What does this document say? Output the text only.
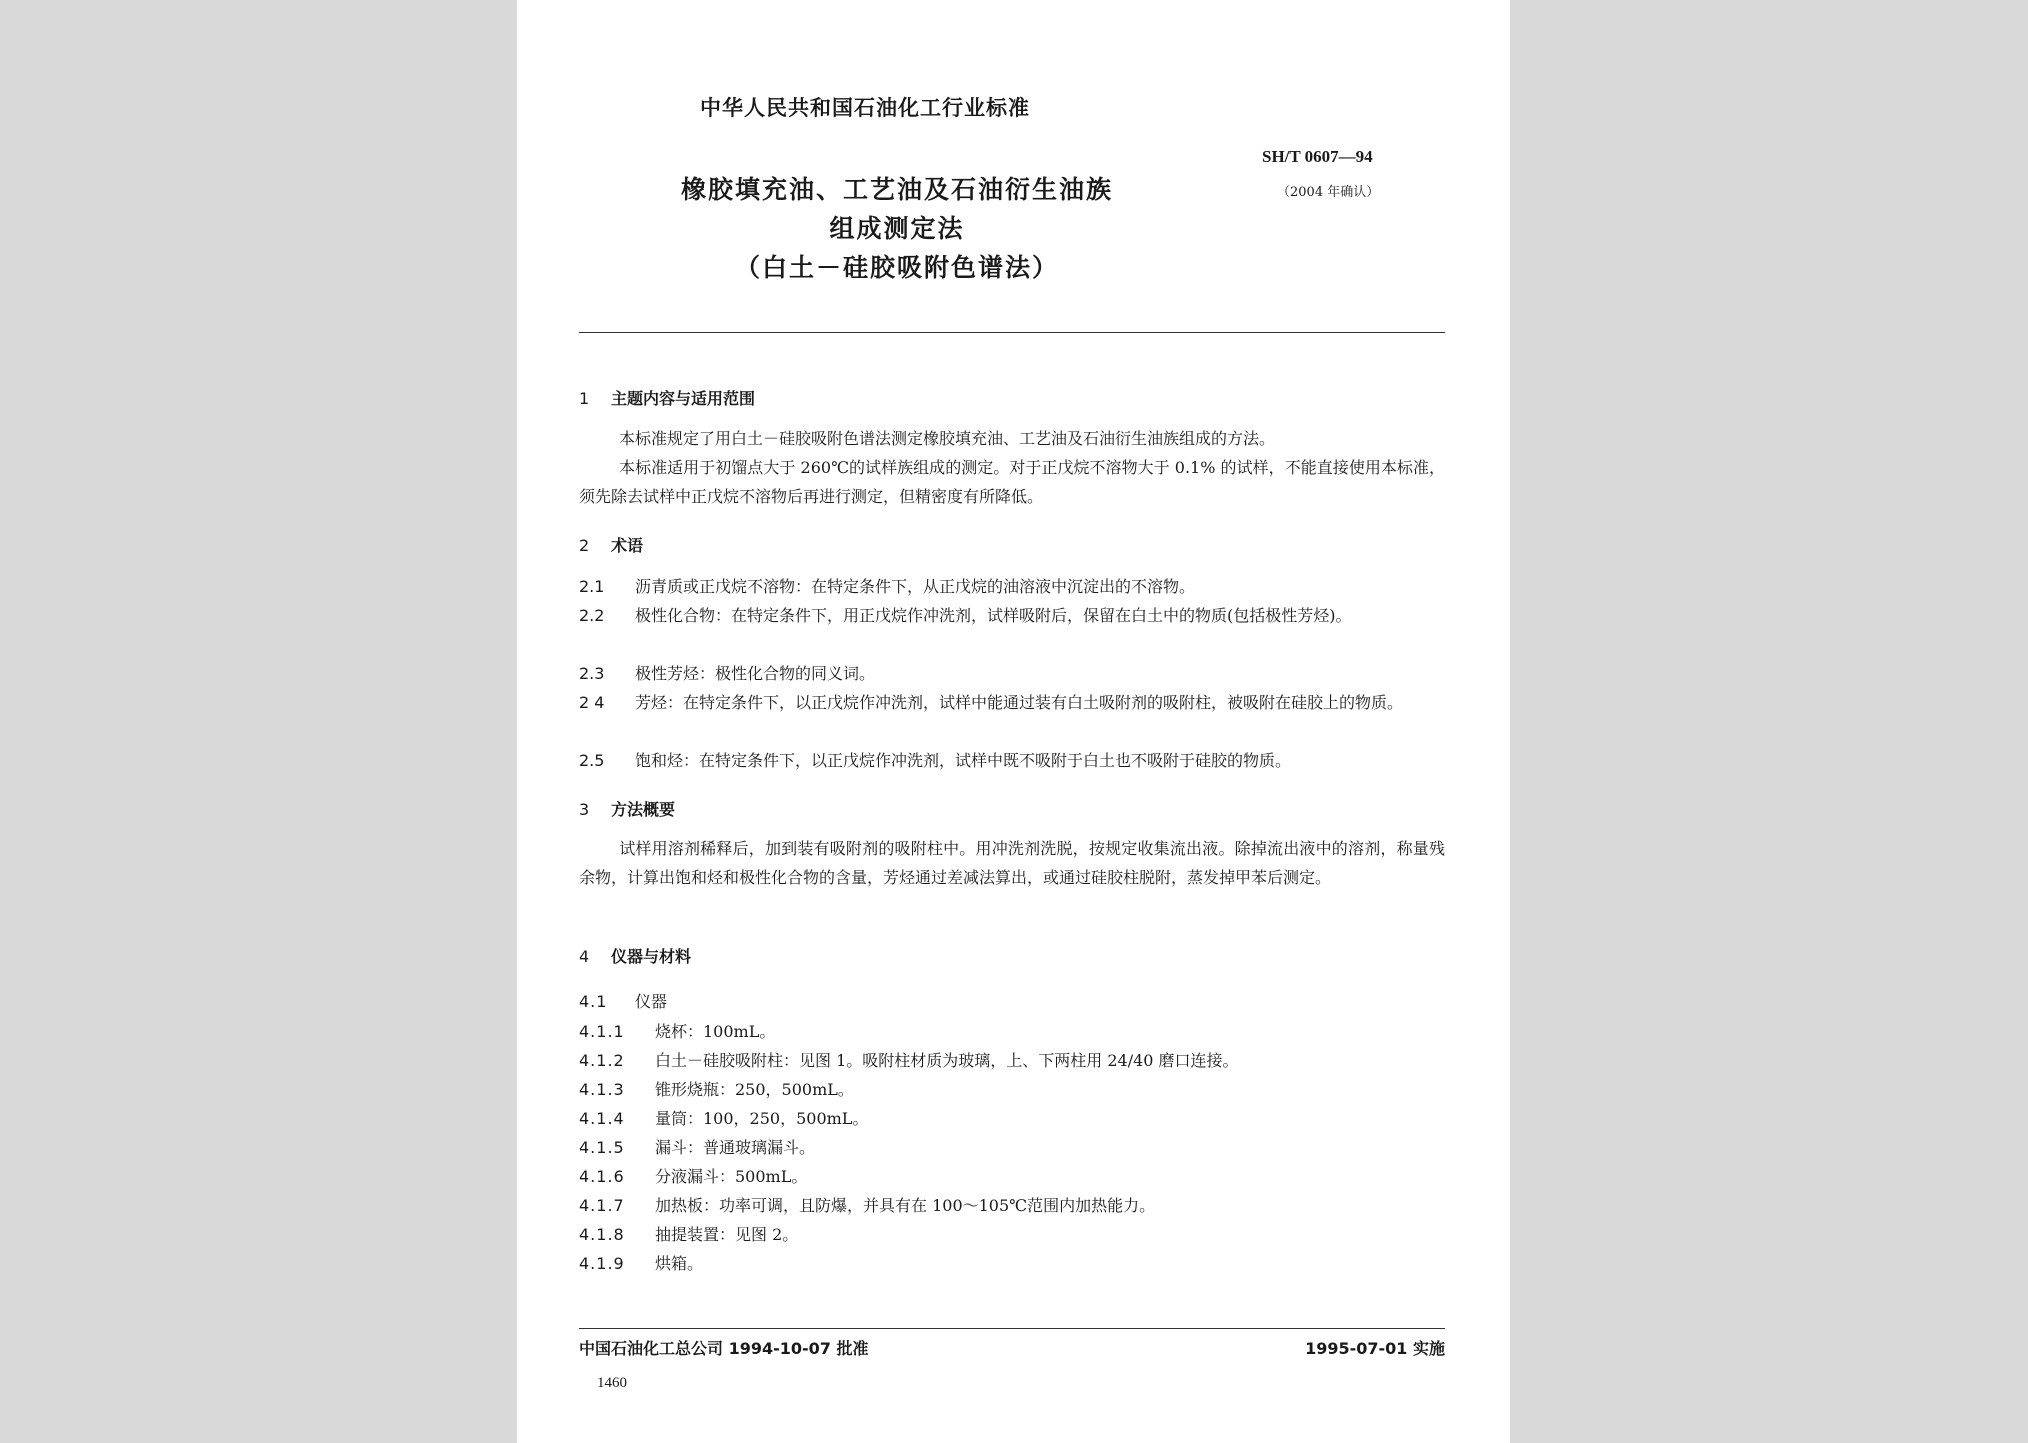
中华人民共和国石油化工行业标准
橡胶填充油、工艺油及石油衍生油族
组成测定法
（白土－硅胶吸附色谱法）
SH/T 0607—94
（2004 年确认）
1 主题内容与适用范围
本标准规定了用白土－硅胶吸附色谱法测定橡胶填充油、工艺油及石油衍生油族组成的方法。
本标准适用于初馏点大于 260℃的试样族组成的测定。对于正戊烷不溶物大于 0.1% 的试样，不能直接使用本标准，须先除去试样中正戊烷不溶物后再进行测定，但精密度有所降低。
2 术语
2.1 沥青质或正戊烷不溶物：在特定条件下，从正戊烷的油溶液中沉淀出的不溶物。
2.2 极性化合物：在特定条件下，用正戊烷作冲洗剂，试样吸附后，保留在白土中的物质(包括极性芳烃)。
2.3 极性芳烃：极性化合物的同义词。
2 4 芳烃：在特定条件下，以正戊烷作冲洗剂，试样中能通过装有白土吸附剂的吸附柱，被吸附在硅胶上的物质。
2.5 饱和烃：在特定条件下，以正戊烷作冲洗剂，试样中既不吸附于白土也不吸附于硅胶的物质。
3 方法概要
试样用溶剂稀释后，加到装有吸附剂的吸附柱中。用冲洗剂洗脱，按规定收集流出液。除掉流出液中的溶剂，称量残余物，计算出饱和烃和极性化合物的含量，芳烃通过差减法算出，或通过硅胶柱脱附，蒸发掉甲苯后测定。
4 仪器与材料
4.1 仪器
4.1.1 烧杯：100mL。
4.1.2 白土－硅胶吸附柱：见图 1。吸附柱材质为玻璃，上、下两柱用 24/40 磨口连接。
4.1.3 锥形烧瓶：250，500mL。
4.1.4 量筒：100，250，500mL。
4.1.5 漏斗：普通玻璃漏斗。
4.1.6 分液漏斗：500mL。
4.1.7 加热板：功率可调，且防爆，并具有在 100～105℃范围内加热能力。
4.1.8 抽提装置：见图 2。
4.1.9 烘箱。
中国石油化工总公司 1994-10-07 批准	1995-07-01 实施
1460
